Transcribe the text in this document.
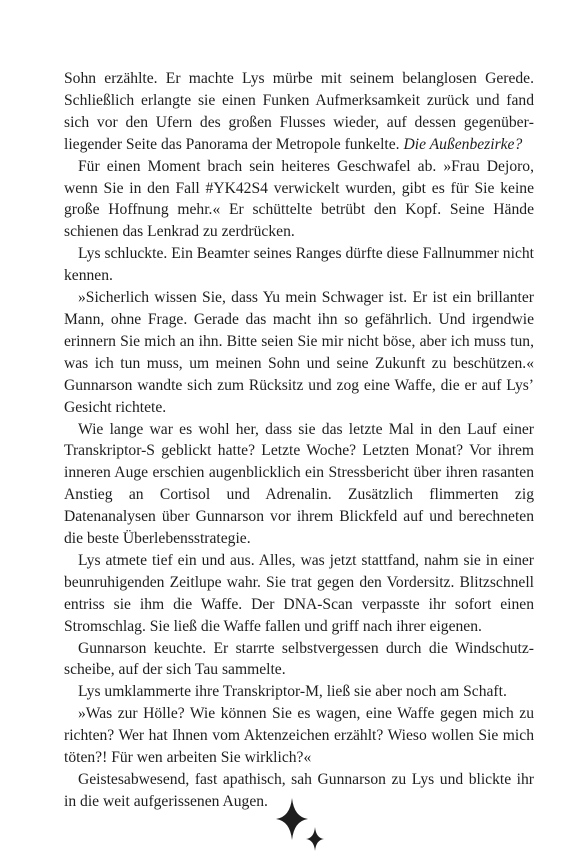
Sohn erzählte. Er machte Lys mürbe mit seinem belanglosen Gerede. Schließlich erlangte sie einen Funken Aufmerksamkeit zurück und fand sich vor den Ufern des großen Flusses wieder, auf dessen gegenüberliegender Seite das Panorama der Metropole funkelte. Die Außenbezirke?

Für einen Moment brach sein heiteres Geschwafel ab. »Frau Dejoro, wenn Sie in den Fall #YK42S4 verwickelt wurden, gibt es für Sie keine große Hoffnung mehr.« Er schüttelte betrübt den Kopf. Seine Hände schienen das Lenkrad zu zerdrücken.

Lys schluckte. Ein Beamter seines Ranges dürfte diese Fallnummer nicht kennen.

»Sicherlich wissen Sie, dass Yu mein Schwager ist. Er ist ein brillanter Mann, ohne Frage. Gerade das macht ihn so gefährlich. Und irgendwie erinnern Sie mich an ihn. Bitte seien Sie mir nicht böse, aber ich muss tun, was ich tun muss, um meinen Sohn und seine Zukunft zu beschützen.« Gunnarson wandte sich zum Rücksitz und zog eine Waffe, die er auf Lys’ Gesicht richtete.

Wie lange war es wohl her, dass sie das letzte Mal in den Lauf einer Transkriptor-S geblickt hatte? Letzte Woche? Letzten Monat? Vor ihrem inneren Auge erschien augenblicklich ein Stressbericht über ihren rasanten Anstieg an Cortisol und Adrenalin. Zusätzlich flimmerten zig Datenanalysen über Gunnarson vor ihrem Blickfeld auf und berechneten die beste Überlebensstrategie.

Lys atmete tief ein und aus. Alles, was jetzt stattfand, nahm sie in einer beunruhigenden Zeitlupe wahr. Sie trat gegen den Vordersitz. Blitzschnell entriss sie ihm die Waffe. Der DNA-Scan verpasste ihr sofort einen Stromschlag. Sie ließ die Waffe fallen und griff nach ihrer eigenen.

Gunnarson keuchte. Er starrte selbstvergessen durch die Windschutzscheibe, auf der sich Tau sammelte.

Lys umklammerte ihre Transkriptor-M, ließ sie aber noch am Schaft.

»Was zur Hölle? Wie können Sie es wagen, eine Waffe gegen mich zu richten? Wer hat Ihnen vom Aktenzeichen erzählt? Wieso wollen Sie mich töten?! Für wen arbeiten Sie wirklich?«

Geistesabwesend, fast apathisch, sah Gunnarson zu Lys und blickte ihr in die weit aufgerissenen Augen.
